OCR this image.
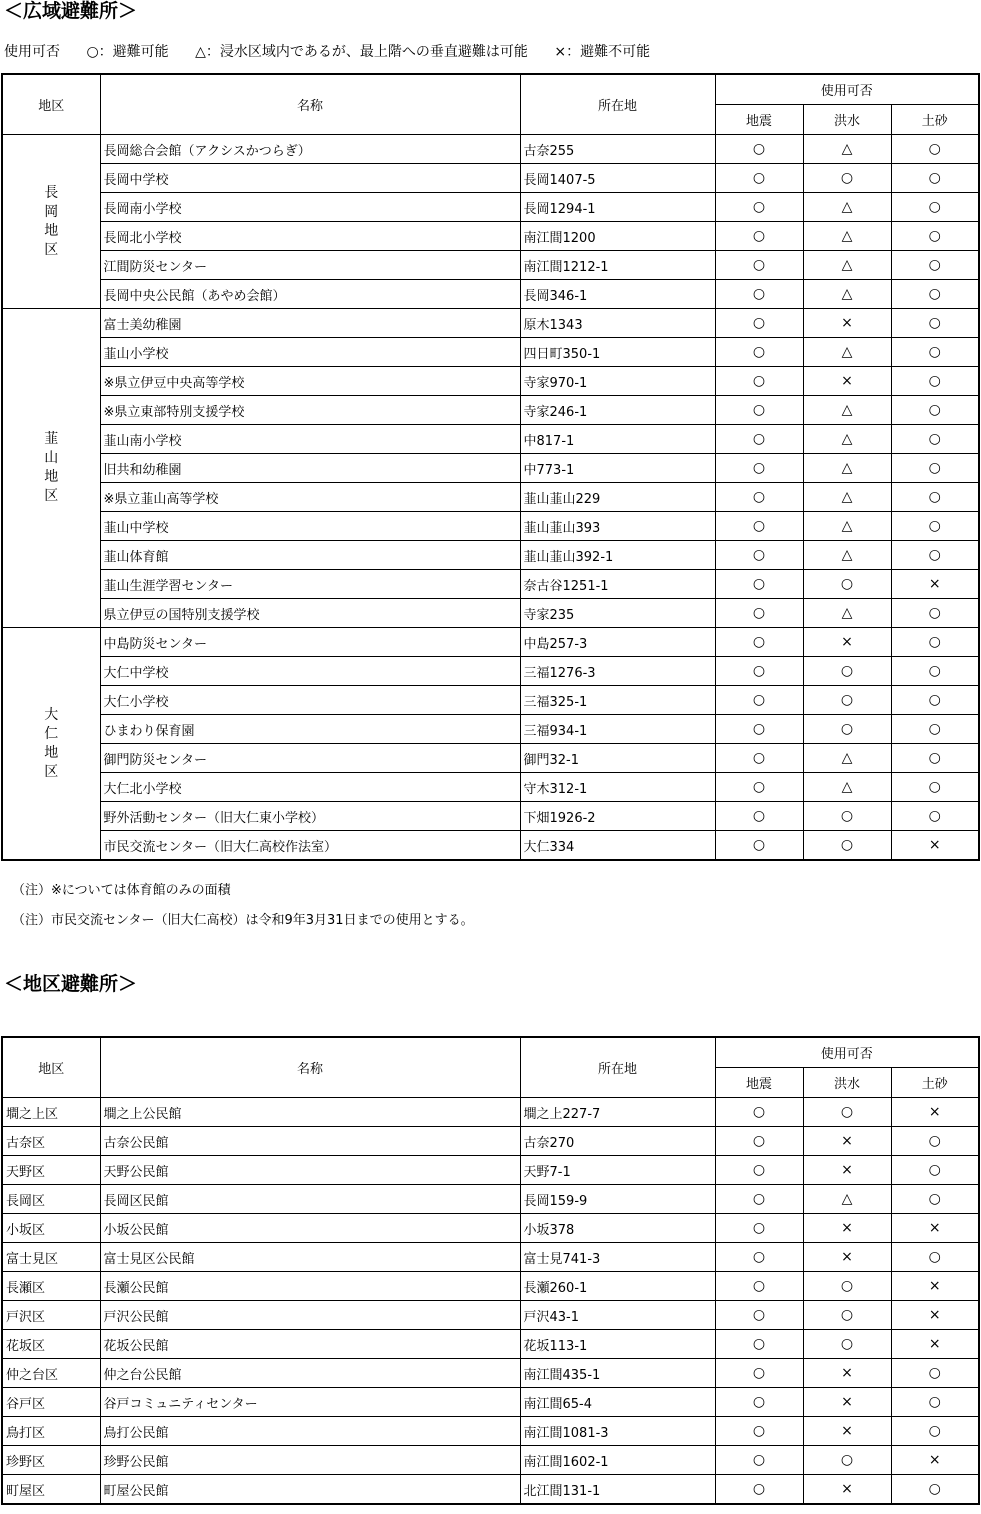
＜広域避難所＞
使用可否 ○：避難可能 △：浸水区域内であるが、最上階への垂直避難は可能 ×：避難不可能
地区	名称	所在地	使用可否		
			地震	洪水	土砂
長岡地区	長岡総合会館（アクシスかつらぎ）	古奈255	○	△	○
	長岡中学校	長岡1407-5	○	○	○
	長岡南小学校	長岡1294-1	○	△	○
	長岡北小学校	南江間1200	○	△	○
	江間防災センター	南江間1212-1	○	△	○
	長岡中央公民館（あやめ会館）	長岡346-1	○	△	○
韮山地区	富士美幼稚園	原木1343	○	×	○
	韮山小学校	四日町350-1	○	△	○
	※県立伊豆中央高等学校	寺家970-1	○	×	○
	※県立東部特別支援学校	寺家246-1	○	△	○
	韮山南小学校	中817-1	○	△	○
	旧共和幼稚園	中773-1	○	△	○
	※県立韮山高等学校	韮山韮山229	○	△	○
	韮山中学校	韮山韮山393	○	△	○
	韮山体育館	韮山韮山392-1	○	△	○
	韮山生涯学習センター	奈古谷1251-1	○	○	×
	県立伊豆の国特別支援学校	寺家235	○	△	○
大仁地区	中島防災センター	中島257-3	○	×	○
	大仁中学校	三福1276-3	○	○	○
	大仁小学校	三福325-1	○	○	○
	ひまわり保育園	三福934-1	○	○	○
	御門防災センター	御門32-1	○	△	○
	大仁北小学校	守木312-1	○	△	○
	野外活動センター（旧大仁東小学校）	下畑1926-2	○	○	○
	市民交流センター（旧大仁高校作法室）	大仁334	○	○	×
（注）※については体育館のみの面積
（注）市民交流センター（旧大仁高校）は令和9年3月31日までの使用とする。
＜地区避難所＞
地区	名称	所在地	使用可否		
			地震	洪水	土砂
墹之上区	墹之上公民館	墹之上227-7	○	○	×
古奈区	古奈公民館	古奈270	○	×	○
天野区	天野公民館	天野7-1	○	×	○
長岡区	長岡区民館	長岡159-9	○	△	○
小坂区	小坂公民館	小坂378	○	×	×
富士見区	富士見区公民館	富士見741-3	○	×	○
長瀬区	長瀬公民館	長瀬260-1	○	○	×
戸沢区	戸沢公民館	戸沢43-1	○	○	×
花坂区	花坂公民館	花坂113-1	○	○	×
仲之台区	仲之台公民館	南江間435-1	○	×	○
谷戸区	谷戸コミュニティセンター	南江間65-4	○	×	○
鳥打区	鳥打公民館	南江間1081-3	○	×	○
珍野区	珍野公民館	南江間1602-1	○	○	×
町屋区	町屋公民館	北江間131-1	○	×	○
